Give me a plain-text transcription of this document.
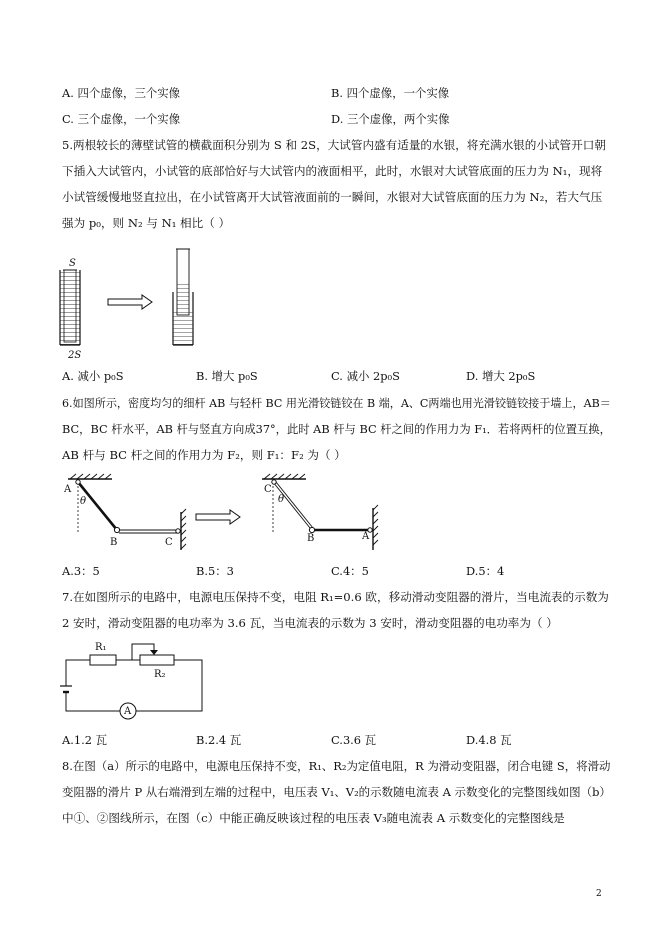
A. 四个虚像，三个实像	B. 四个虚像，一个实像
C. 三个虚像，一个实像	D. 三个虚像，两个实像
5.两根较长的薄壁试管的横截面积分别为 S 和 2S，大试管内盛有适量的水银，将充满水银的小试管开口朝
下插入大试管内，小试管的底部恰好与大试管内的液面相平，此时，水银对大试管底面的压力为 N₁，现将
小试管缓慢地竖直拉出，在小试管离开大试管液面前的一瞬间，水银对大试管底面的压力为 N₂，若大气压
强为 p₀，则 N₂ 与 N₁ 相比（ ）
S
2S
A. 减小 p₀S	B. 增大 p₀S	C. 减小 2p₀S	D. 增大 2p₀S
6.如图所示，密度均匀的细杆 AB 与轻杆 BC 用光滑铰链铰在 B 端，A、C两端也用光滑铰链铰接于墙上，AB＝
BC，BC 杆水平，AB 杆与竖直方向成37°，此时 AB 杆与 BC 杆之间的作用力为 F₁．若将两杆的位置互换，
AB 杆与 BC 杆之间的作用力为 F₂，则 F₁：F₂ 为（ ）
A
θ
B	C
C
θ
B	A
A.3：5	B.5：3	C.4：5	D.5：4
7.在如图所示的电路中，电源电压保持不变，电阻 R₁=0.6 欧，移动滑动变阻器的滑片，当电流表的示数为
2 安时，滑动变阻器的电功率为 3.6 瓦，当电流表的示数为 3 安时，滑动变阻器的电功率为（ ）
R₁
R₂
A
A.1.2 瓦	B.2.4 瓦	C.3.6 瓦	D.4.8 瓦
8.在图（a）所示的电路中，电源电压保持不变，R₁、R₂为定值电阻，R 为滑动变阻器，闭合电键 S，将滑动
变阻器的滑片 P 从右端滑到左端的过程中，电压表 V₁、V₂的示数随电流表 A 示数变化的完整图线如图（b）
中①、②图线所示，在图（c）中能正确反映该过程的电压表 V₃随电流表 A 示数变化的完整图线是
2
